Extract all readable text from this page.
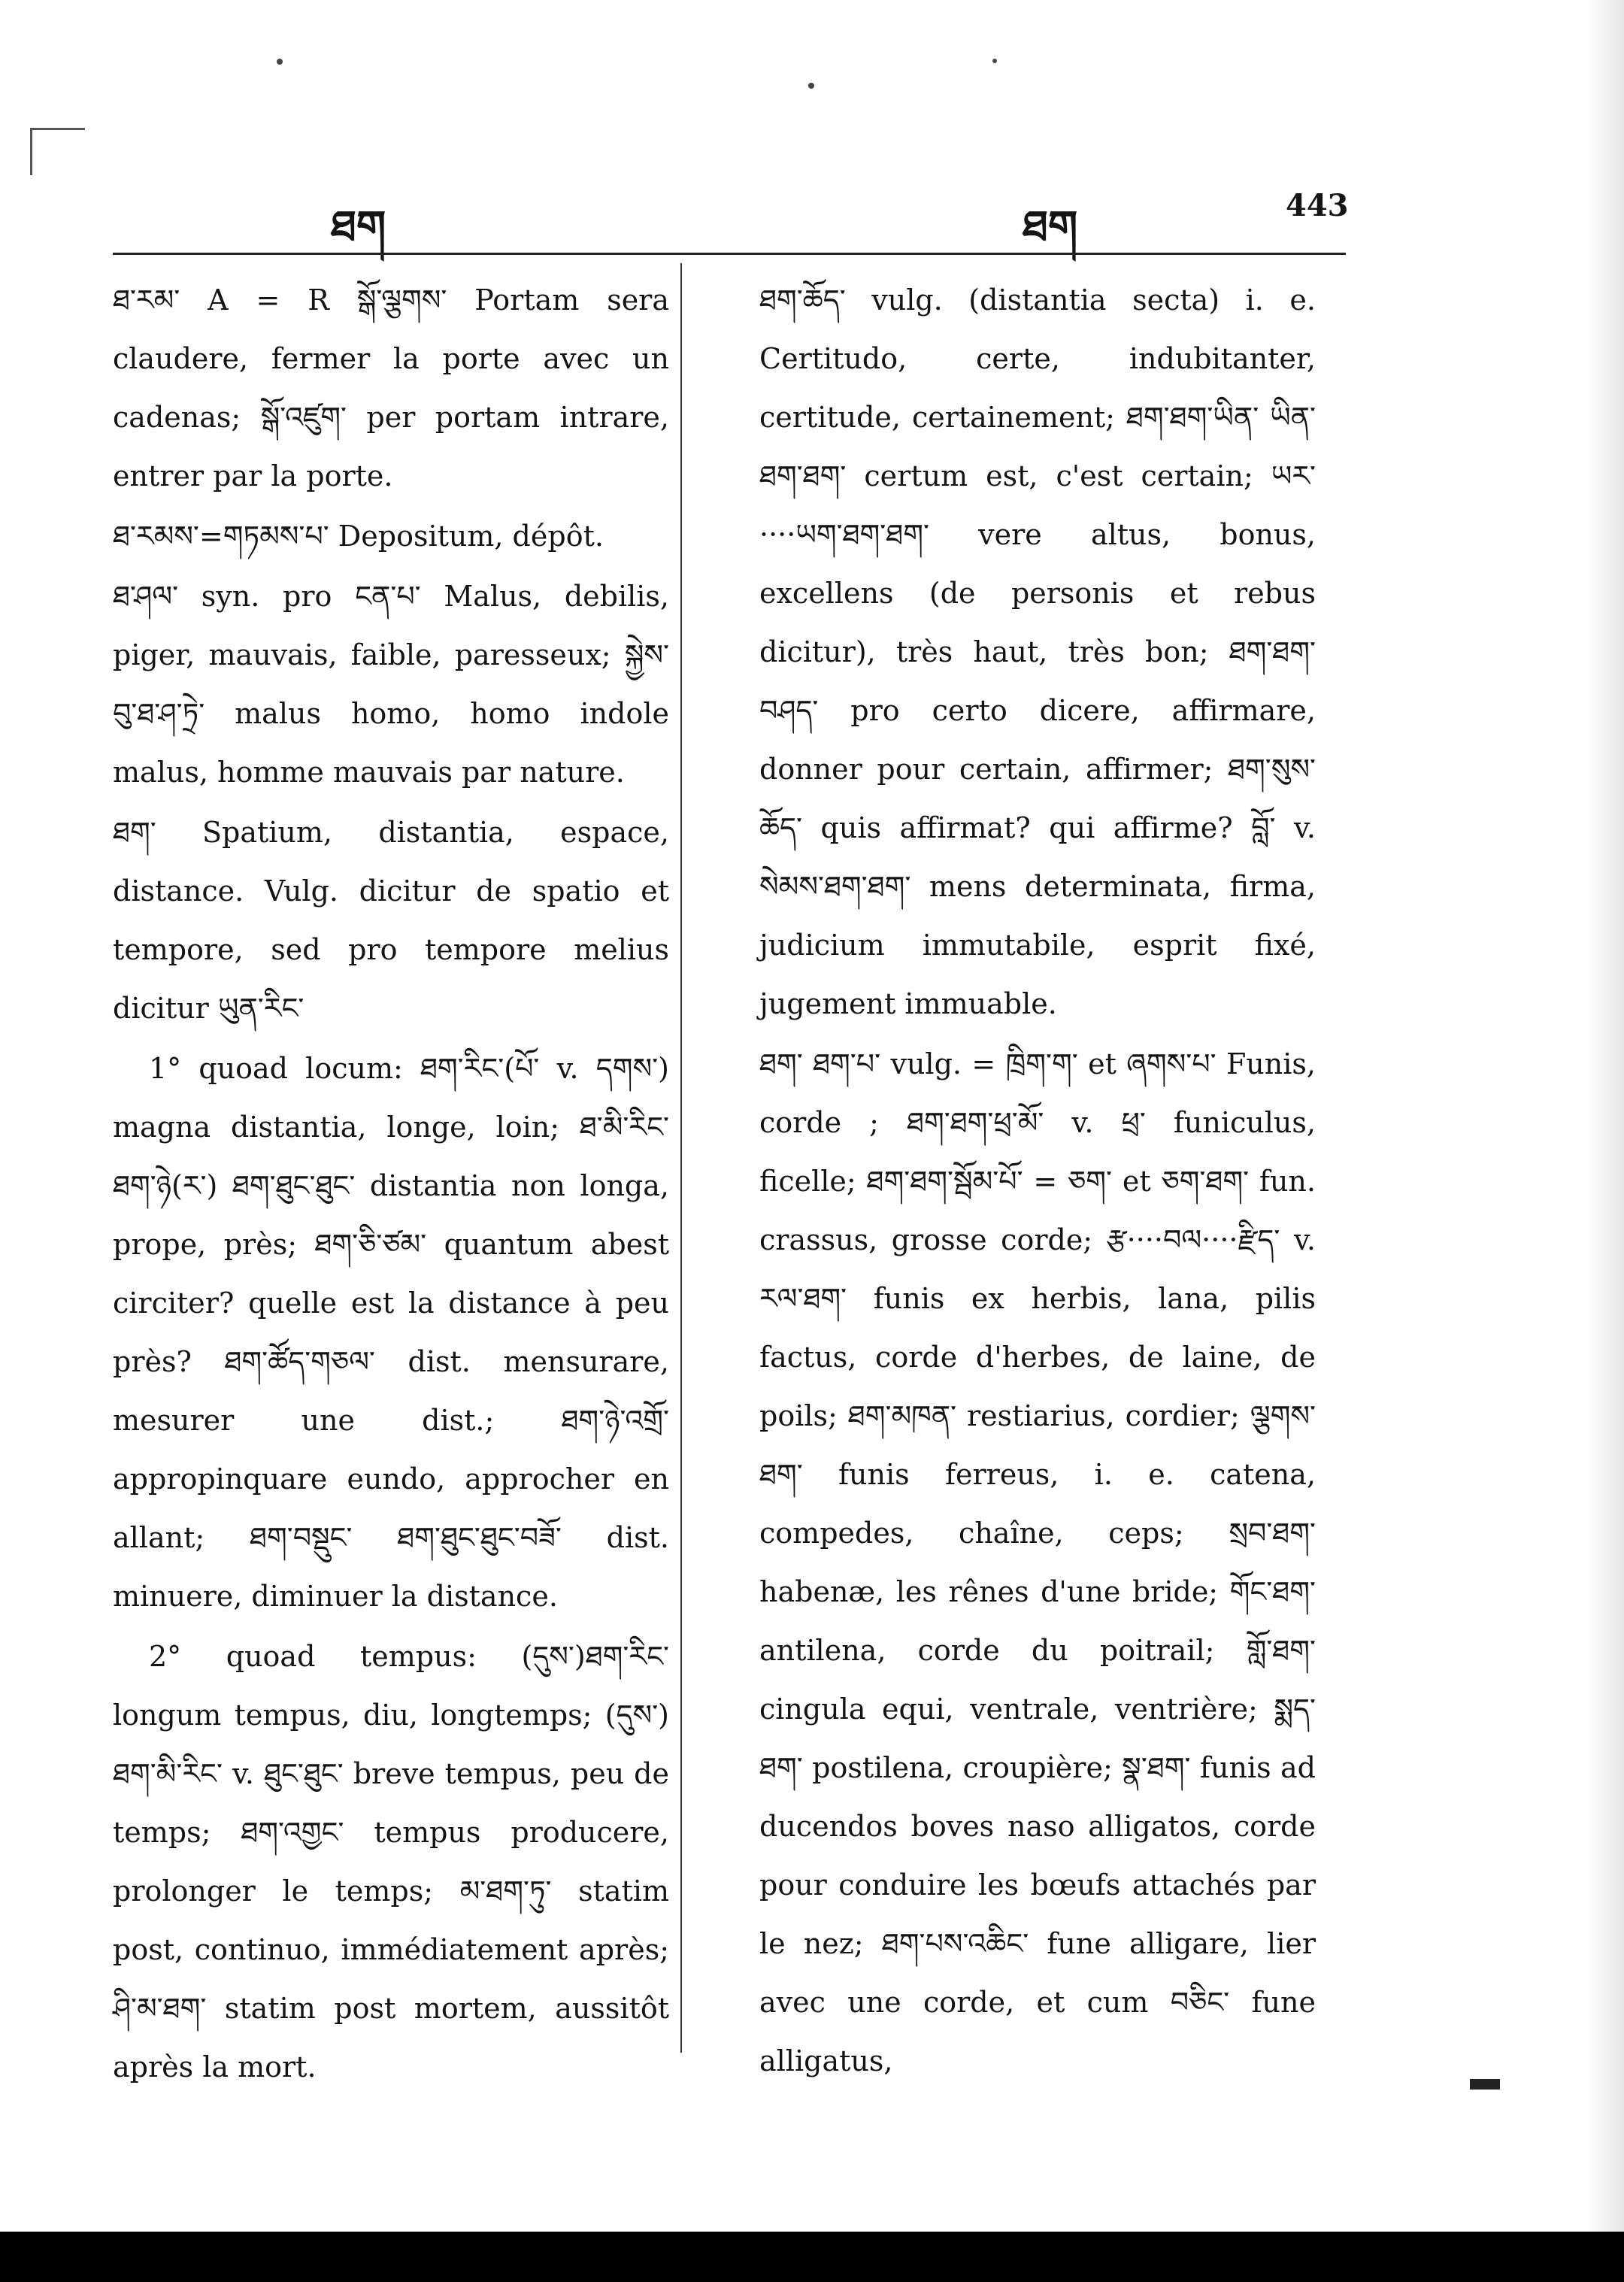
ཐག	ཐག	443

ཐ་རམ་ A = R སྒོ་ལྕགས་ Portam sera claudere, fermer la porte avec un cadenas; སྒོ་འཛུག་ per portam intrare, entrer par la porte.

ཐ་རམས་=གཏམས་པ་ Depositum, dépôt.

ཐ་ཤལ་ syn. pro ངན་པ་ Malus, debilis, piger, mauvais, faible, paresseux; སྐྱེས་བུ་ཐ་ཤ་ཏྲེ་ malus homo, homo indole malus, homme mauvais par nature.

ཐག་ Spatium, distantia, espace, distance. Vulg. dicitur de spatio et tempore, sed pro tempore melius dicitur ཡུན་རིང་

1° quoad locum: ཐག་རིང་(པོ་ v. དགས་) magna distantia, longe, loin; ཐ་མི་རིང་ ཐག་ཉེ(ར་) ཐག་ཐུང་ཐུང་ distantia non longa, prope, près; ཐག་ཅི་ཙམ་ quantum abest circiter? quelle est la distance à peu près? ཐག་ཚོད་གཅལ་ dist. mensurare, mesurer une dist.; ཐག་ཉེ་འགྲོ་ appropinquare eundo, approcher en allant; ཐག་བསྡུང་ ཐག་ཐུང་ཐུང་བཟོ་ dist. minuere, diminuer la distance.

2° quoad tempus: (དུས་)ཐག་རིང་ longum tempus, diu, longtemps; (དུས་) ཐག་མི་རིང་ v. ཐུང་ཐུང་ breve tempus, peu de temps; ཐག་འགྱང་ tempus producere, prolonger le temps; མ་ཐག་ཏུ་ statim post, continuo, immédiatement après; ཤི་མ་ཐག་ statim post mortem, aussitôt après la mort.

ཐག་ཆོད་ vulg. (distantia secta) i. e. Certitudo, certe, indubitanter, certitude, certainement; ཐག་ཐག་ཡིན་ ཡིན་ཐག་ཐག་ certum est, c'est certain; ཡར་····ཡག་ཐག་ཐག་ vere altus, bonus, excellens (de personis et rebus dicitur), très haut, très bon; ཐག་ཐག་བཤད་ pro certo dicere, affirmare, donner pour certain, affirmer; ཐག་སུས་ཆོད་ quis affirmat? qui affirme? བློ་ v. སེམས་ཐག་ཐག་ mens determinata, firma, judicium immutabile, esprit fixé, jugement immuable.

ཐག་ ཐག་པ་ vulg. = ཁྲིག་ག་ et ཞགས་པ་ Funis, corde ; ཐག་ཐག་ཕྲ་མོ་ v. ཕྲ་ funiculus, ficelle; ཐག་ཐག་སྦོམ་པོ་ = ཅག་ et ཅག་ཐག་ fun. crassus, grosse corde; རྩ····བལ····རྫིད་ v. རལ་ཐག་ funis ex herbis, lana, pilis factus, corde d'herbes, de laine, de poils; ཐག་མཁན་ restiarius, cordier; ལྕགས་ཐག་ funis ferreus, i. e. catena, compedes, chaîne, ceps; སྲབ་ཐག་ habenæ, les rênes d'une bride; གོང་ཐག་ antilena, corde du poitrail; གློ་ཐག་ cingula equi, ventrale, ventrière; སྨད་ཐག་ postilena, croupière; སྣ་ཐག་ funis ad ducendos boves naso alligatos, corde pour conduire les bœufs attachés par le nez; ཐག་པས་འཆིང་ fune alligare, lier avec une corde, et cum བཅིང་ fune alligatus,
